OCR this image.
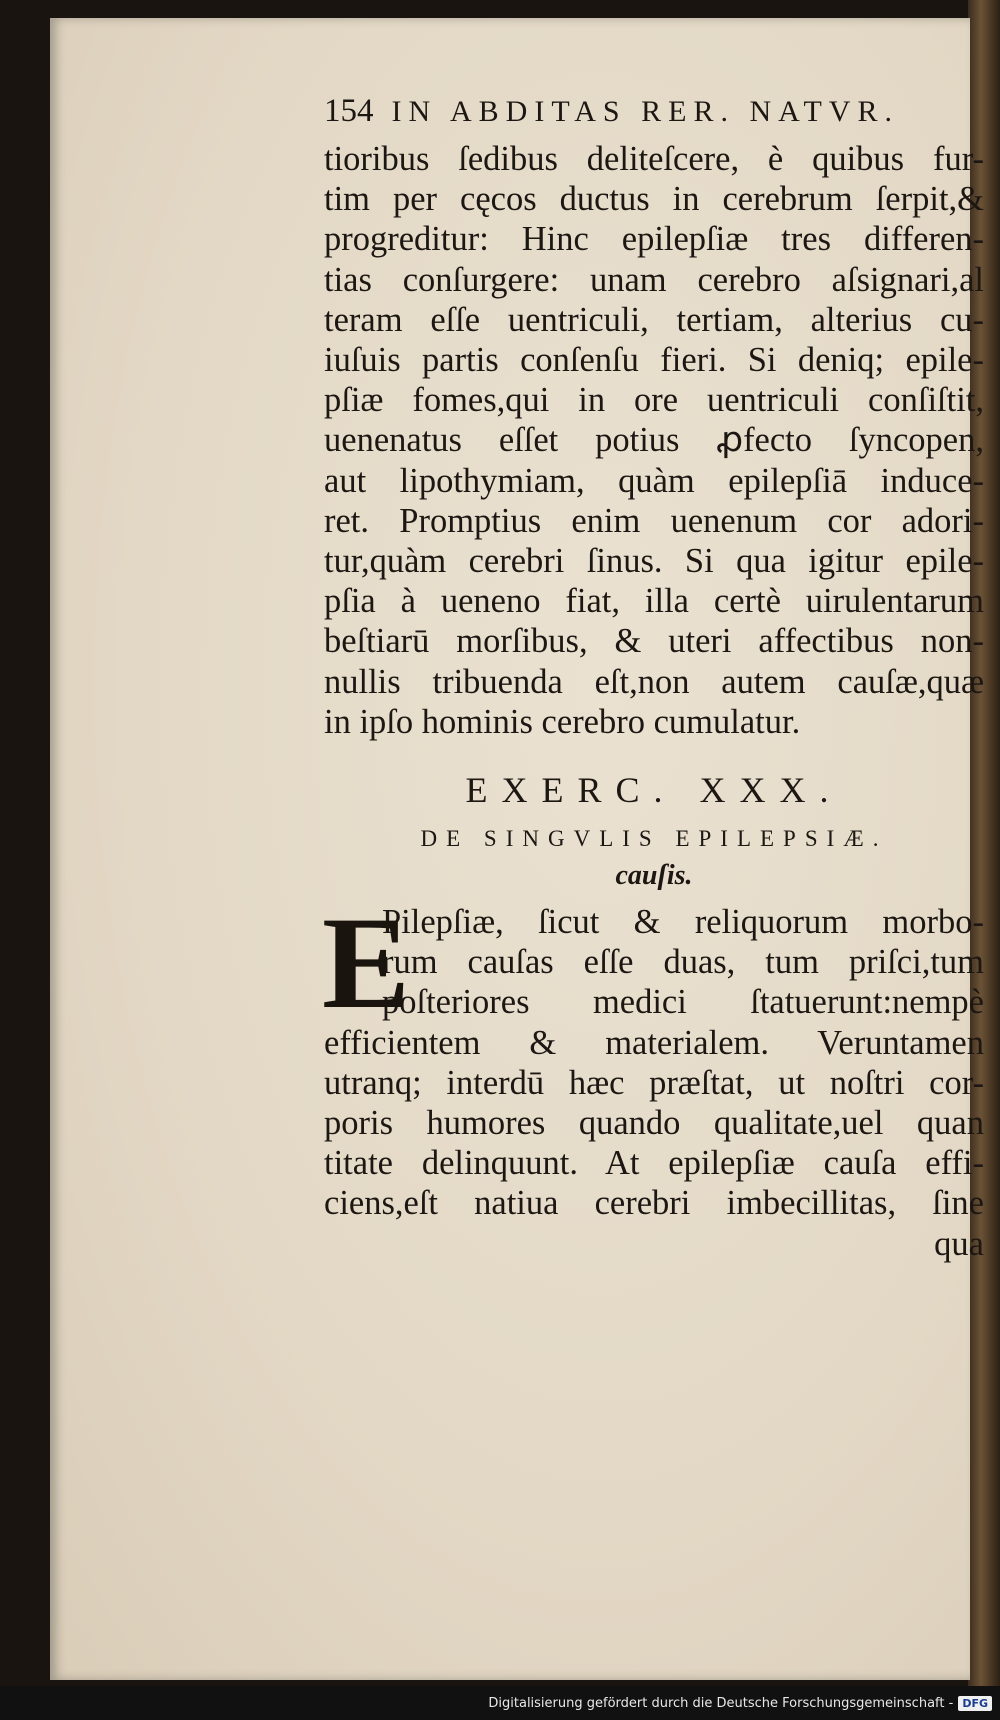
154 IN ABDITAS RER. NATVR.
tioribus ſedibus deliteſcere, è quibus fur-
tim per cęcos ductus in cerebrum ſerpit,&
progreditur: Hinc epilepſiæ tres differen-
tias conſurgere: unam cerebro aſsignari,al
teram eſſe uentriculi, tertiam, alterius cu-
iuſuis partis conſenſu fieri. Si deniq; epile-
pſiæ fomes,qui in ore uentriculi conſiſtit,
uenenatus eſſet potius ꝓfecto ſyncopen,
aut lipothymiam, quàm epilepſiā induce-
ret. Promptius enim uenenum cor adori-
tur,quàm cerebri ſinus. Si qua igitur epile-
pſia à ueneno fiat, illa certè uirulentarum
beſtiarū morſibus, & uteri affectibus non-
nullis tribuenda eſt,non autem cauſæ,quæ
in ipſo hominis cerebro cumulatur.
EXERC. XXX.
DE SINGVLIS EPILEPSIÆ.
cauſis.
E
Pilepſiæ, ſicut & reliquorum morbo-
rum cauſas eſſe duas, tum priſci,tum
poſteriores medici ſtatuerunt:nempè
efficientem & materialem. Veruntamen
utranq; interdū hæc præſtat, ut noſtri cor-
poris humores quando qualitate,uel quan
titate delinquunt. At epilepſiæ cauſa effi-
ciens,eſt natiua cerebri imbecillitas, ſine
qua
Digitalisierung gefördert durch die Deutsche Forschungsgemeinschaft - DFG
